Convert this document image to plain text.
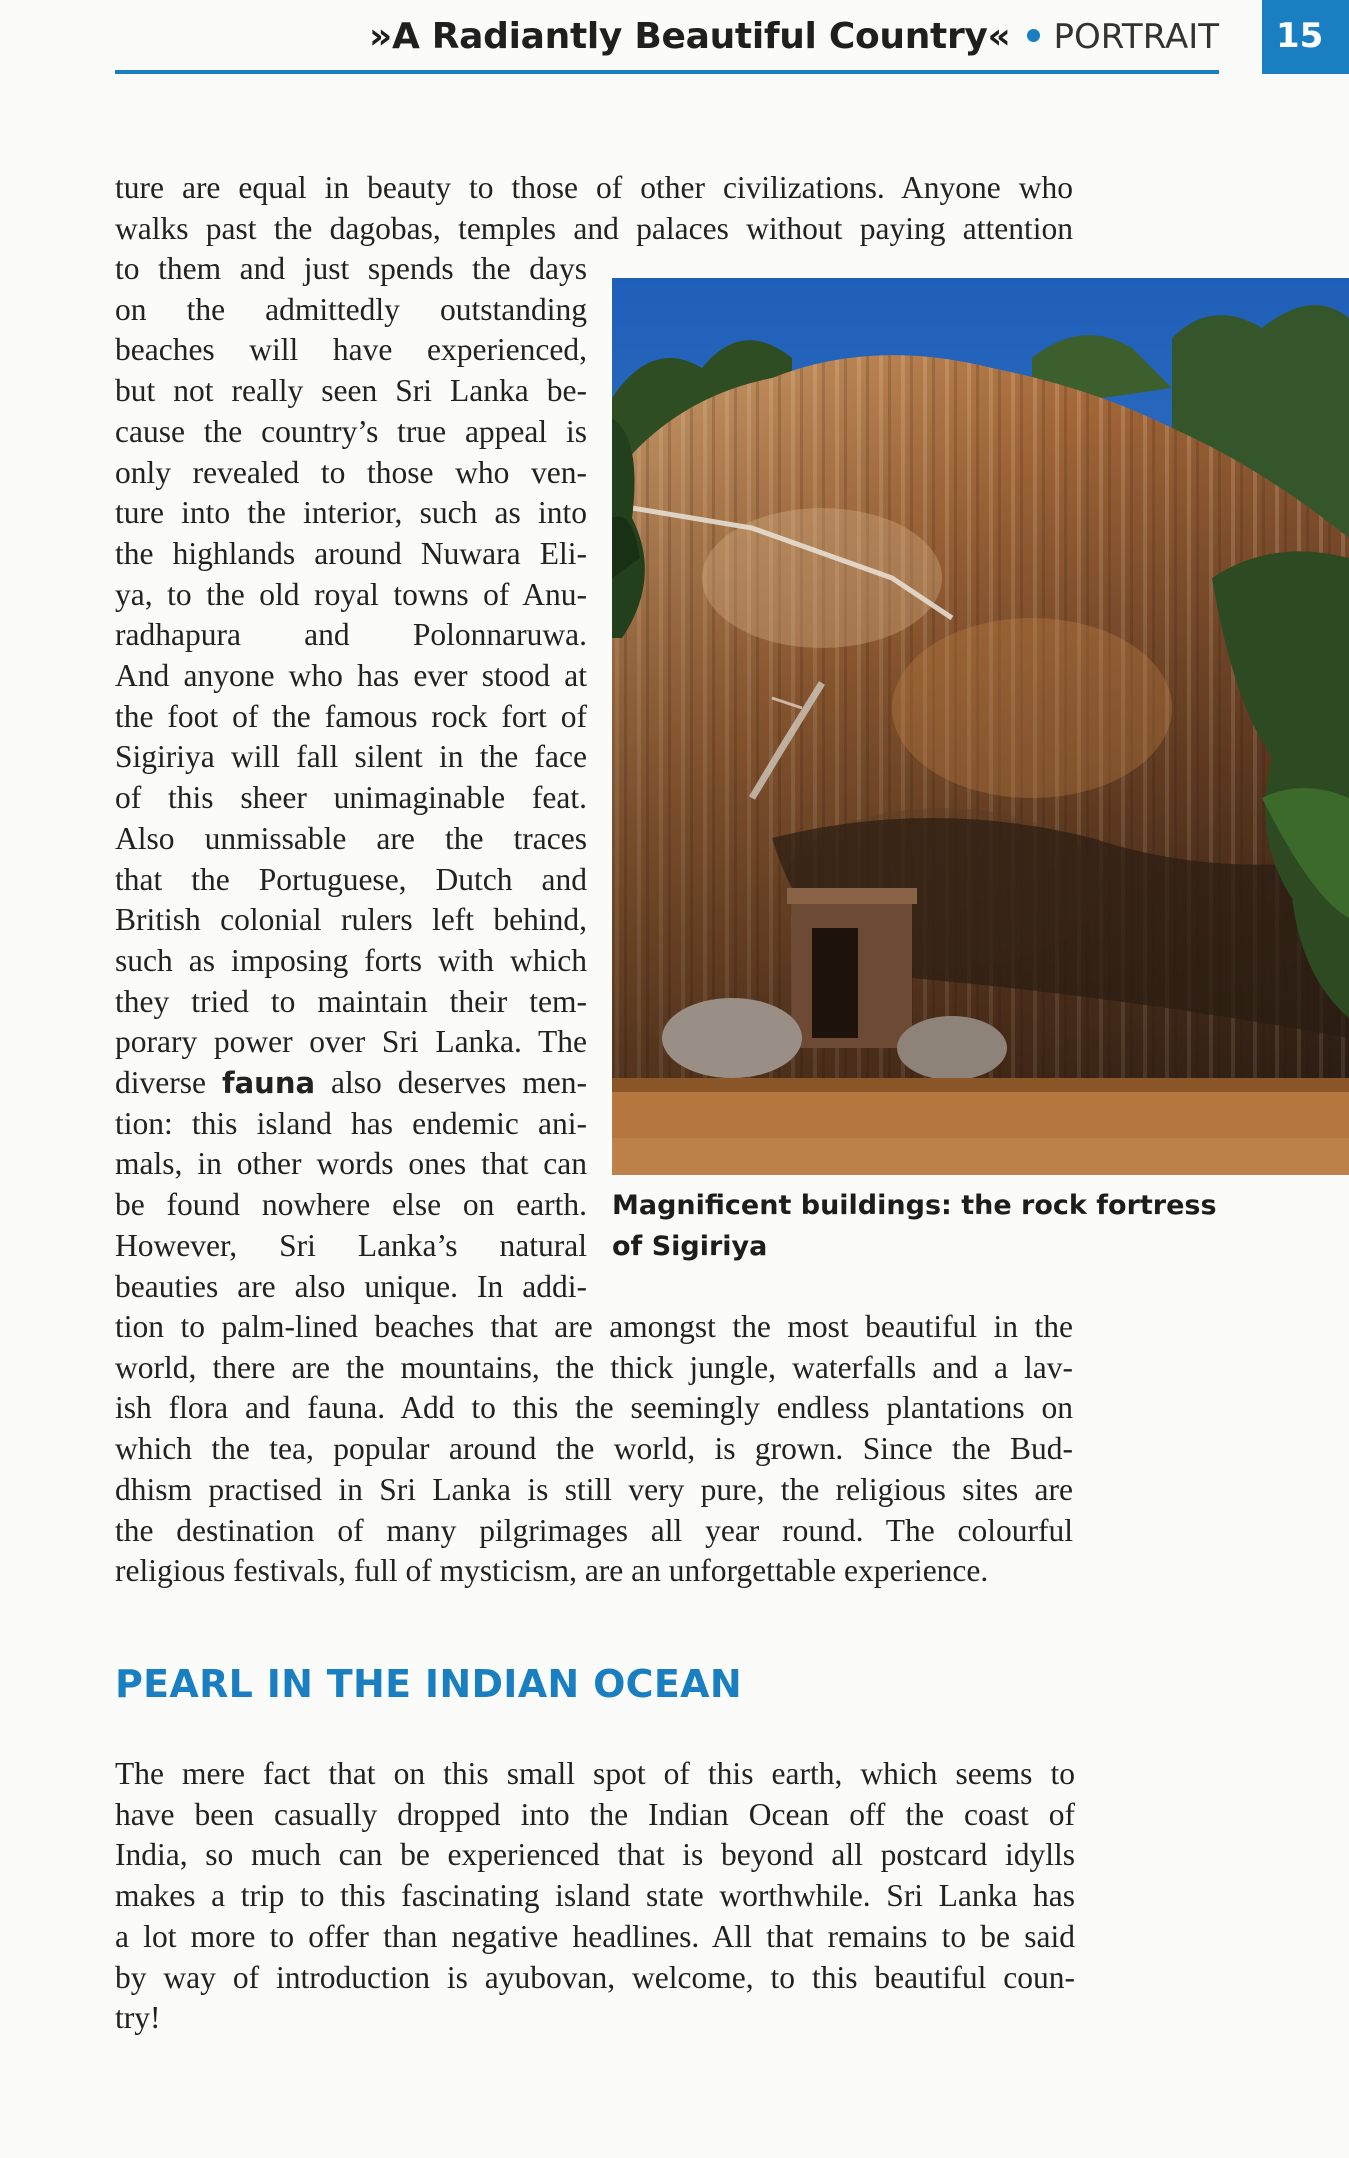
»A Radiantly Beautiful Country« PORTRAIT	15

ture are equal in beauty to those of other civilizations. Anyone who
walks past the dagobas, temples and palaces without paying attention

to them and just spends the days
on the admittedly outstanding
beaches will have experienced,
but not really seen Sri Lanka be-
cause the country’s true appeal is
only revealed to those who ven-
ture into the interior, such as into
the highlands around Nuwara Eli-
ya, to the old royal towns of Anu-
radhapura and Polonnaruwa.
And anyone who has ever stood at
the foot of the famous rock fort of
Sigiriya will fall silent in the face
of this sheer unimaginable feat.
Also unmissable are the traces
that the Portuguese, Dutch and
British colonial rulers left behind,
such as imposing forts with which
they tried to maintain their tem-
porary power over Sri Lanka. The
diverse fauna also deserves men-
tion: this island has endemic ani-
mals, in other words ones that can
be found nowhere else on earth.
However, Sri Lanka’s natural
beauties are also unique. In addi-

Magnificent buildings: the rock fortress of Sigiriya

tion to palm-lined beaches that are amongst the most beautiful in the
world, there are the mountains, the thick jungle, waterfalls and a lav-
ish flora and fauna. Add to this the seemingly endless plantations on
which the tea, popular around the world, is grown. Since the Bud-
dhism practised in Sri Lanka is still very pure, the religious sites are
the destination of many pilgrimages all year round. The colourful
religious festivals, full of mysticism, are an unforgettable experience.

PEARL IN THE INDIAN OCEAN

The mere fact that on this small spot of this earth, which seems to
have been casually dropped into the Indian Ocean off the coast of
India, so much can be experienced that is beyond all postcard idylls
makes a trip to this fascinating island state worthwhile. Sri Lanka has
a lot more to offer than negative headlines. All that remains to be said
by way of introduction is ayubovan, welcome, to this beautiful coun-
try!
